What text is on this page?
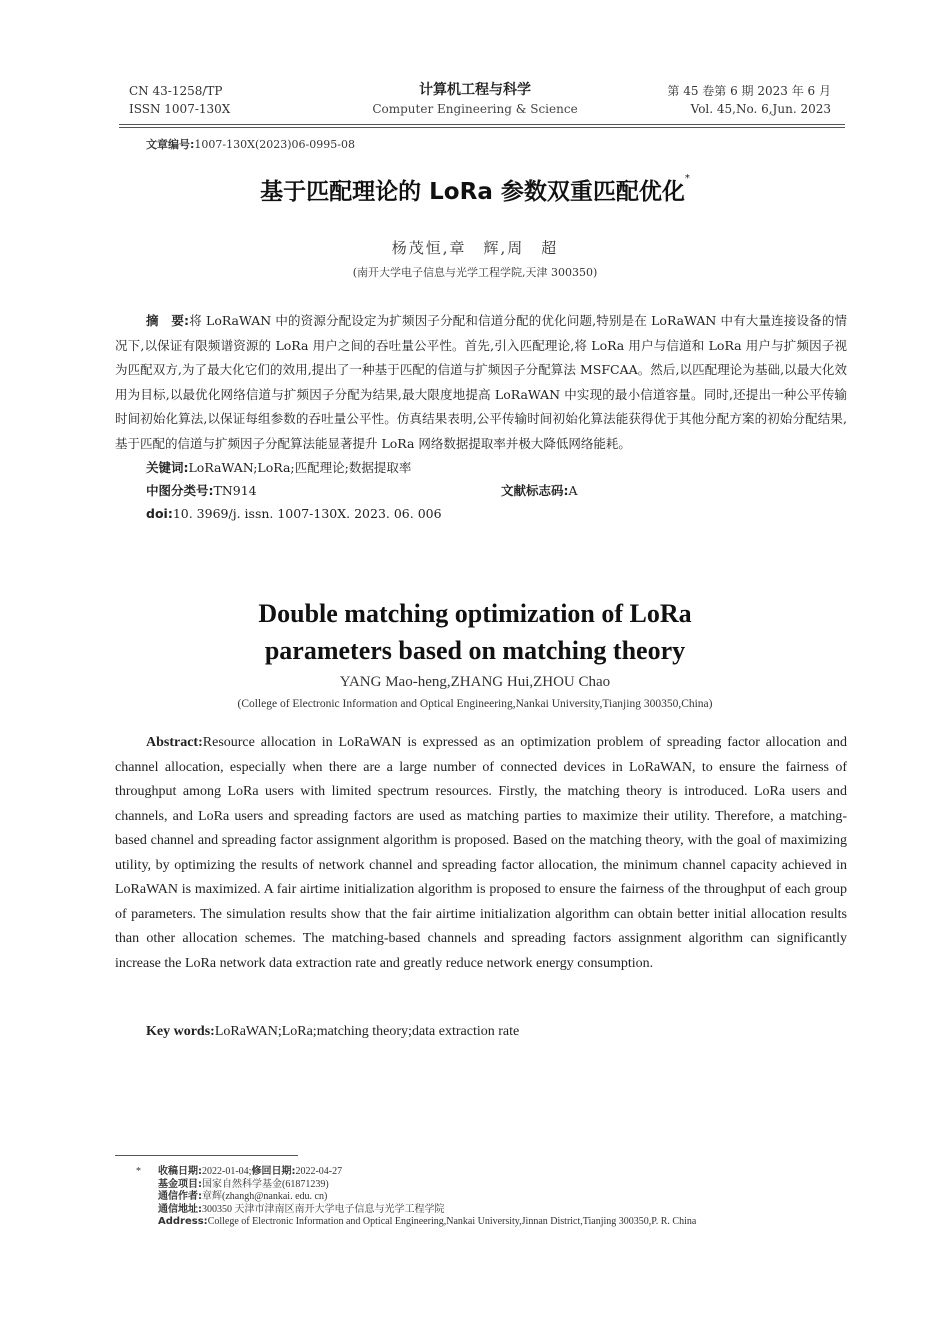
CN 43-1258/TP
ISSN 1007-130X
计算机工程与科学
Computer Engineering & Science
第 45 卷第 6 期 2023 年 6 月
Vol. 45,No. 6,Jun. 2023
文章编号:1007-130X(2023)06-0995-08
基于匹配理论的 LoRa 参数双重匹配优化*
杨茂恒,章　辉,周　超
(南开大学电子信息与光学工程学院,天津 300350)
摘　要:将 LoRaWAN 中的资源分配设定为扩频因子分配和信道分配的优化问题,特别是在 LoRaWAN 中有大量连接设备的情况下,以保证有限频谱资源的 LoRa 用户之间的吞吐量公平性。首先,引入匹配理论,将 LoRa 用户与信道和 LoRa 用户与扩频因子视为匹配双方,为了最大化它们的效用,提出了一种基于匹配的信道与扩频因子分配算法 MSFCAA。然后,以匹配理论为基础,以最大化效用为目标,以最优化网络信道与扩频因子分配为结果,最大限度地提高 LoRaWAN 中实现的最小信道容量。同时,还提出一种公平传输时间初始化算法,以保证每组参数的吞吐量公平性。仿真结果表明,公平传输时间初始化算法能获得优于其他分配方案的初始分配结果,基于匹配的信道与扩频因子分配算法能显著提升 LoRa 网络数据提取率并极大降低网络能耗。
关键词:LoRaWAN;LoRa;匹配理论;数据提取率
中图分类号:TN914	文献标志码:A
doi:10. 3969/j. issn. 1007-130X. 2023. 06. 006
Double matching optimization of LoRa
parameters based on matching theory
YANG Mao-heng,ZHANG Hui,ZHOU Chao
(College of Electronic Information and Optical Engineering,Nankai University,Tianjing 300350,China)
Abstract:Resource allocation in LoRaWAN is expressed as an optimization problem of spreading factor allocation and channel allocation, especially when there are a large number of connected devices in LoRaWAN, to ensure the fairness of throughput among LoRa users with limited spectrum resources. Firstly, the matching theory is introduced. LoRa users and channels, and LoRa users and spreading factors are used as matching parties to maximize their utility. Therefore, a matching-based channel and spreading factor assignment algorithm is proposed. Based on the matching theory, with the goal of maximizing utility, by optimizing the results of network channel and spreading factor allocation, the minimum channel capacity achieved in LoRaWAN is maximized. A fair airtime initialization algorithm is proposed to ensure the fairness of the throughput of each group of parameters. The simulation results show that the fair airtime initialization algorithm can obtain better initial allocation results than other allocation schemes. The matching-based channels and spreading factors assignment algorithm can significantly increase the LoRa network data extraction rate and greatly reduce network energy consumption.
Key words:LoRaWAN;LoRa;matching theory;data extraction rate
* 收稿日期:2022-01-04;修回日期:2022-04-27
基金项目:国家自然科学基金(61871239)
通信作者:章辉(zhangh@nankai. edu. cn)
通信地址:300350 天津市津南区南开大学电子信息与光学工程学院
Address:College of Electronic Information and Optical Engineering,Nankai University,Jinnan District,Tianjing 300350,P. R. China
